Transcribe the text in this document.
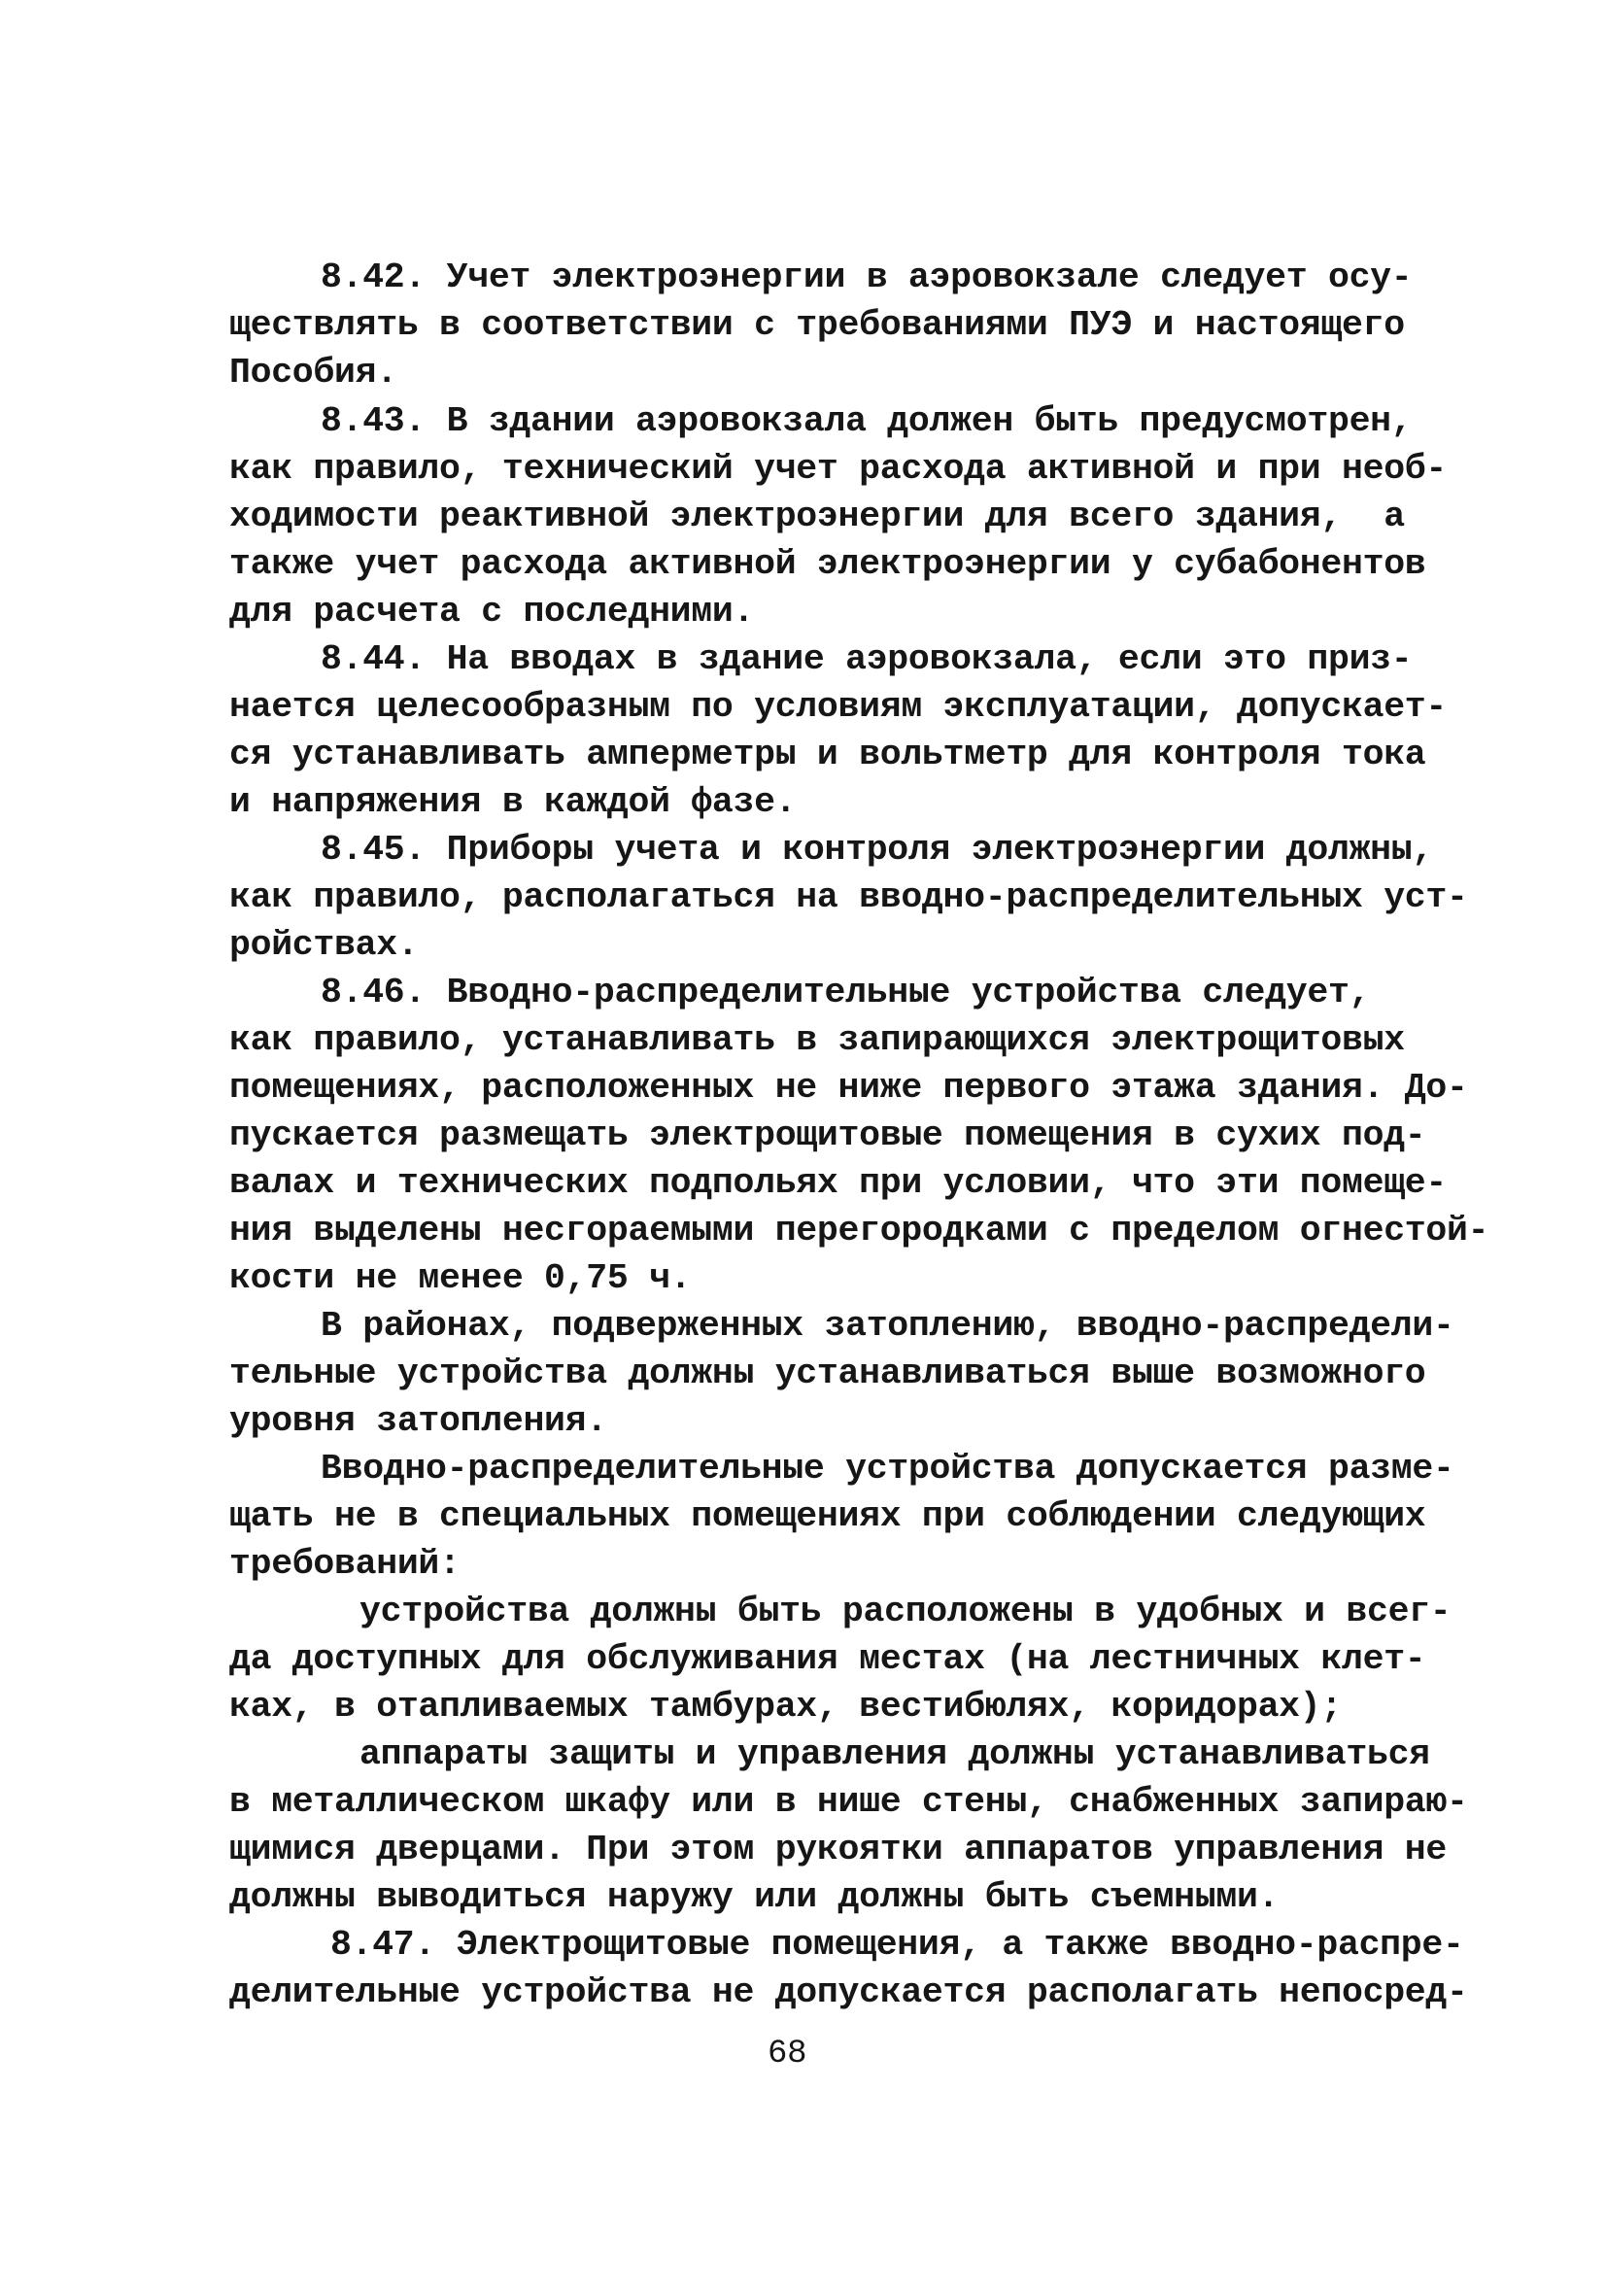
8.42. Учет электроэнергии в аэровокзале следует осу-
ществлять в соответствии с требованиями ПУЭ и настоящего
Пособия.
8.43. В здании аэровокзала должен быть предусмотрен,
как правило, технический учет расхода активной и при необ-
ходимости реактивной электроэнергии для всего здания,  а
также учет расхода активной электроэнергии у субабонентов
для расчета с последними.
8.44. На вводах в здание аэровокзала, если это приз-
нается целесообразным по условиям эксплуатации, допускает-
ся устанавливать амперметры и вольтметр для контроля тока
и напряжения в каждой фазе.
8.45. Приборы учета и контроля электроэнергии должны,
как правило, располагаться на вводно-распределительных уст-
ройствах.
8.46. Вводно-распределительные устройства следует,
как правило, устанавливать в запирающихся электрощитовых
помещениях, расположенных не ниже первого этажа здания. До-
пускается размещать электрощитовые помещения в сухих под-
валах и технических подпольях при условии, что эти помеще-
ния выделены несгораемыми перегородками с пределом огнестой-
кости не менее 0,75 ч.
В районах, подверженных затоплению, вводно-распредели-
тельные устройства должны устанавливаться выше возможного
уровня затопления.
Вводно-распределительные устройства допускается разме-
щать не в специальных помещениях при соблюдении следующих
требований:
устройства должны быть расположены в удобных и всег-
да доступных для обслуживания местах (на лестничных клет-
ках, в отапливаемых тамбурах, вестибюлях, коридорах);
аппараты защиты и управления должны устанавливаться
в металлическом шкафу или в нише стены, снабженных запираю-
щимися дверцами. При этом рукоятки аппаратов управления не
должны выводиться наружу или должны быть съемными.
8.47. Электрощитовые помещения, а также вводно-распре-
делительные устройства не допускается располагать непосред-
68
